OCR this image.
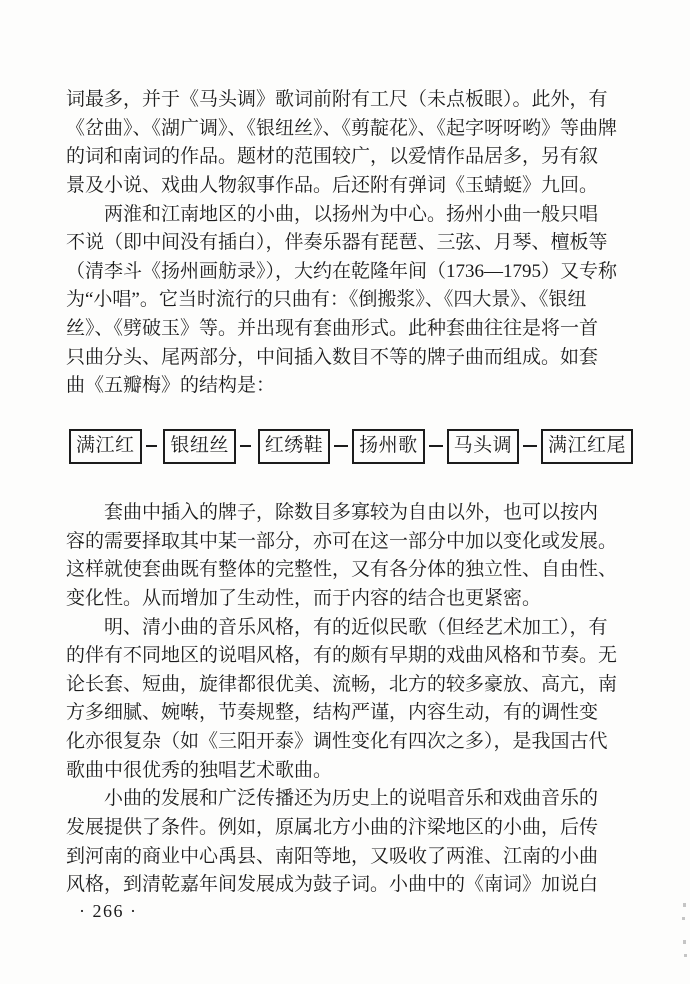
词最多，并于《马头调》歌词前附有工尺（未点板眼）。此外，有
《岔曲》、《湖广调》、《银纽丝》、《剪靛花》、《起字呀呀哟》等曲牌
的词和南词的作品。题材的范围较广，以爱情作品居多，另有叙
景及小说、戏曲人物叙事作品。后还附有弹词《玉蜻蜓》九回。
　　两淮和江南地区的小曲，以扬州为中心。扬州小曲一般只唱
不说（即中间没有插白），伴奏乐器有琵琶、三弦、月琴、檀板等
（清李斗《扬州画舫录》），大约在乾隆年间（1736—1795）又专称
为“小唱”。它当时流行的只曲有：《倒搬浆》、《四大景》、《银纽
丝》、《劈破玉》等。并出现有套曲形式。此种套曲往往是将一首
只曲分头、尾两部分，中间插入数目不等的牌子曲而组成。如套
曲《五瓣梅》的结构是：
满江红	银纽丝	红绣鞋	扬州歌	马头调	满江红尾
　　套曲中插入的牌子，除数目多寡较为自由以外，也可以按内
容的需要择取其中某一部分，亦可在这一部分中加以变化或发展。
这样就使套曲既有整体的完整性，又有各分体的独立性、自由性、
变化性。从而增加了生动性，而于内容的结合也更紧密。
　　明、清小曲的音乐风格，有的近似民歌（但经艺术加工），有
的伴有不同地区的说唱风格，有的颇有早期的戏曲风格和节奏。无
论长套、短曲，旋律都很优美、流畅，北方的较多豪放、高亢，南
方多细腻、婉啭，节奏规整，结构严谨，内容生动，有的调性变
化亦很复杂（如《三阳开泰》调性变化有四次之多），是我国古代
歌曲中很优秀的独唱艺术歌曲。
　　小曲的发展和广泛传播还为历史上的说唱音乐和戏曲音乐的
发展提供了条件。例如，原属北方小曲的汴梁地区的小曲，后传
到河南的商业中心禹县、南阳等地，又吸收了两淮、江南的小曲
风格，到清乾嘉年间发展成为鼓子词。小曲中的《南词》加说白
· 266 ·
